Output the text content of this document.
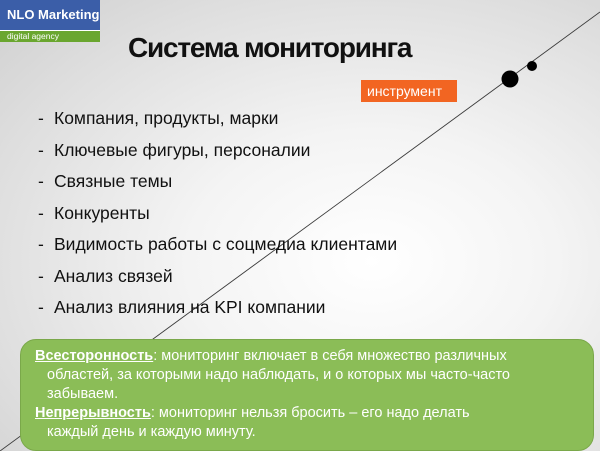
NLO Marketing
digital agency	Система мониторинга
инструмент
- Компания, продукты, марки
- Ключевые фигуры, персоналии
- Связные темы
- Конкуренты
- Видимость работы с соцмедиа клиентами
- Анализ связей
- Анализ влияния на KPI компании

Всесторонность: мониторинг включает в себя множество различных
областей, за которыми надо наблюдать, и о которых мы часто-часто
забываем.

Непрерывность: мониторинг нельзя бросить – его надо делать
каждый день и каждую минуту.
